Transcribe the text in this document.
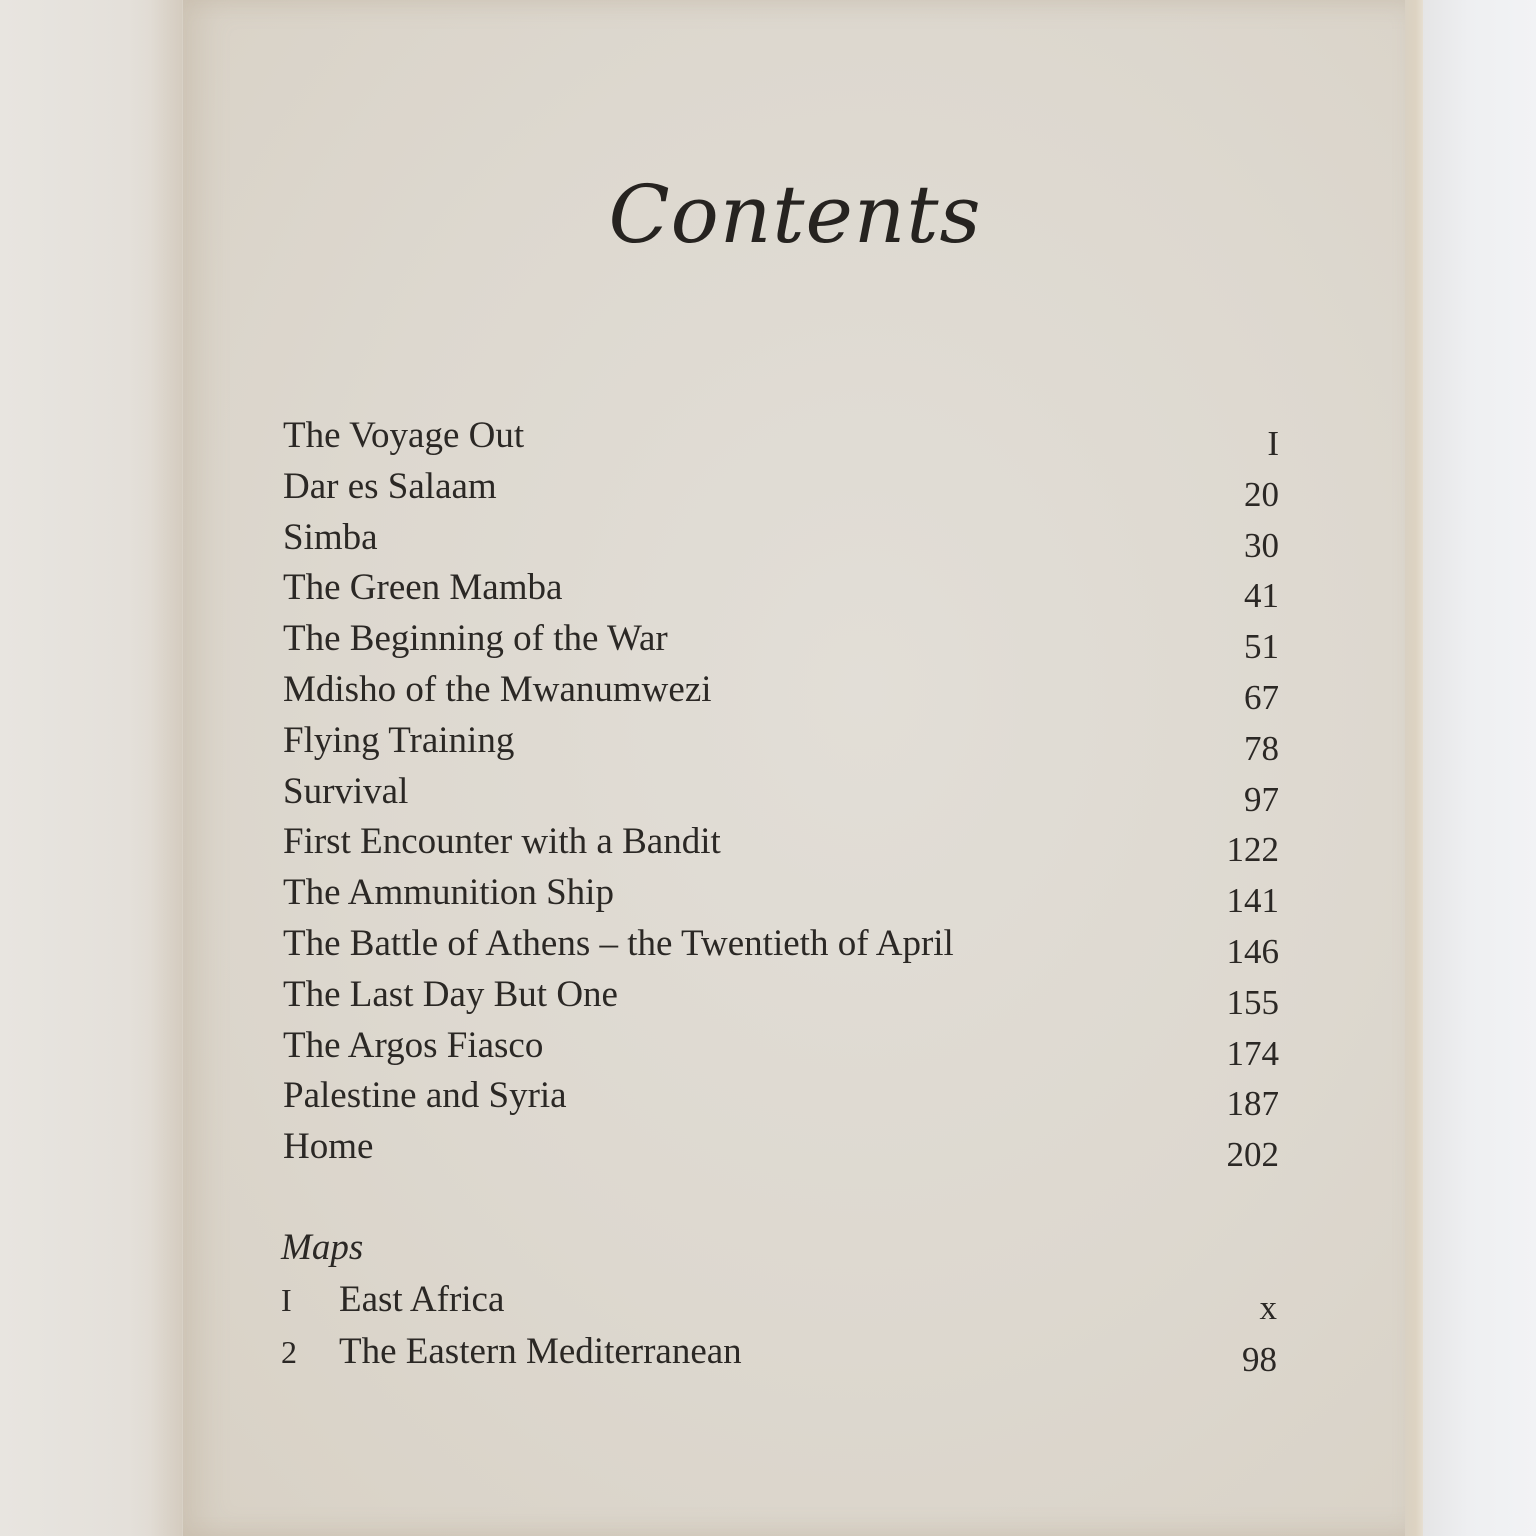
Contents
The Voyage Out	I
Dar es Salaam	20
Simba	30
The Green Mamba	41
The Beginning of the War	51
Mdisho of the Mwanumwezi	67
Flying Training	78
Survival	97
First Encounter with a Bandit	122
The Ammunition Ship	141
The Battle of Athens – the Twentieth of April	146
The Last Day But One	155
The Argos Fiasco	174
Palestine and Syria	187
Home	202
Maps
I East Africa	x
2 The Eastern Mediterranean	98
